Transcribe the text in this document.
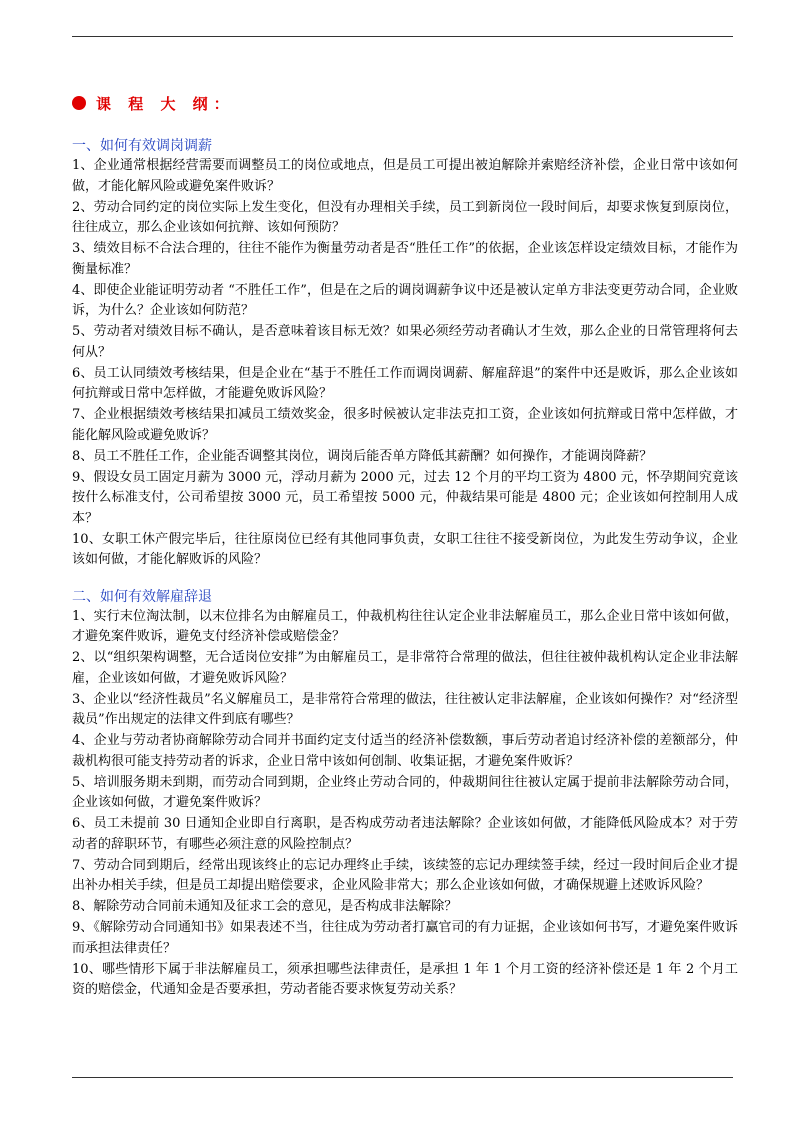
课 程 大 纲：
一、如何有效调岗调薪
1、企业通常根据经营需要而调整员工的岗位或地点，但是员工可提出被迫解除并索赔经济补偿，企业日常中该如何做，才能化解风险或避免案件败诉？
2、劳动合同约定的岗位实际上发生变化，但没有办理相关手续，员工到新岗位一段时间后，却要求恢复到原岗位，往往成立，那么企业该如何抗辩、该如何预防？
3、绩效目标不合法合理的，往往不能作为衡量劳动者是否“胜任工作”的依据，企业该怎样设定绩效目标，才能作为衡量标准？
4、即使企业能证明劳动者 “不胜任工作”，但是在之后的调岗调薪争议中还是被认定单方非法变更劳动合同，企业败诉，为什么？企业该如何防范？
5、劳动者对绩效目标不确认，是否意味着该目标无效？如果必须经劳动者确认才生效，那么企业的日常管理将何去何从？
6、员工认同绩效考核结果，但是企业在“基于不胜任工作而调岗调薪、解雇辞退”的案件中还是败诉，那么企业该如何抗辩或日常中怎样做，才能避免败诉风险？
7、企业根据绩效考核结果扣减员工绩效奖金，很多时候被认定非法克扣工资，企业该如何抗辩或日常中怎样做，才能化解风险或避免败诉？
8、员工不胜任工作，企业能否调整其岗位，调岗后能否单方降低其薪酬？如何操作，才能调岗降薪？
9、假设女员工固定月薪为 3000 元，浮动月薪为 2000 元，过去 12 个月的平均工资为 4800 元，怀孕期间究竟该按什么标准支付，公司希望按 3000 元，员工希望按 5000 元，仲裁结果可能是 4800 元；企业该如何控制用人成本？
10、女职工休产假完毕后，往往原岗位已经有其他同事负责，女职工往往不接受新岗位，为此发生劳动争议，企业该如何做，才能化解败诉的风险？
二、如何有效解雇辞退
1、实行末位淘汰制，以末位排名为由解雇员工，仲裁机构往往认定企业非法解雇员工，那么企业日常中该如何做，才避免案件败诉，避免支付经济补偿或赔偿金？
2、以“组织架构调整，无合适岗位安排”为由解雇员工，是非常符合常理的做法，但往往被仲裁机构认定企业非法解雇，企业该如何做，才避免败诉风险？
3、企业以“经济性裁员”名义解雇员工，是非常符合常理的做法，往往被认定非法解雇，企业该如何操作？对“经济型裁员”作出规定的法律文件到底有哪些？
4、企业与劳动者协商解除劳动合同并书面约定支付适当的经济补偿数额，事后劳动者追讨经济补偿的差额部分，仲裁机构很可能支持劳动者的诉求，企业日常中该如何创制、收集证据，才避免案件败诉？
5、培训服务期未到期，而劳动合同到期，企业终止劳动合同的，仲裁期间往往被认定属于提前非法解除劳动合同，企业该如何做，才避免案件败诉？
6、员工未提前 30 日通知企业即自行离职，是否构成劳动者违法解除？企业该如何做，才能降低风险成本？对于劳动者的辞职环节，有哪些必须注意的风险控制点？
7、劳动合同到期后，经常出现该终止的忘记办理终止手续，该续签的忘记办理续签手续，经过一段时间后企业才提出补办相关手续，但是员工却提出赔偿要求，企业风险非常大；那么企业该如何做，才确保规避上述败诉风险？
8、解除劳动合同前未通知及征求工会的意见，是否构成非法解除？
9、《解除劳动合同通知书》如果表述不当，往往成为劳动者打赢官司的有力证据，企业该如何书写，才避免案件败诉而承担法律责任？
10、哪些情形下属于非法解雇员工，须承担哪些法律责任，是承担 1 年 1 个月工资的经济补偿还是 1 年 2 个月工资的赔偿金，代通知金是否要承担，劳动者能否要求恢复劳动关系？
